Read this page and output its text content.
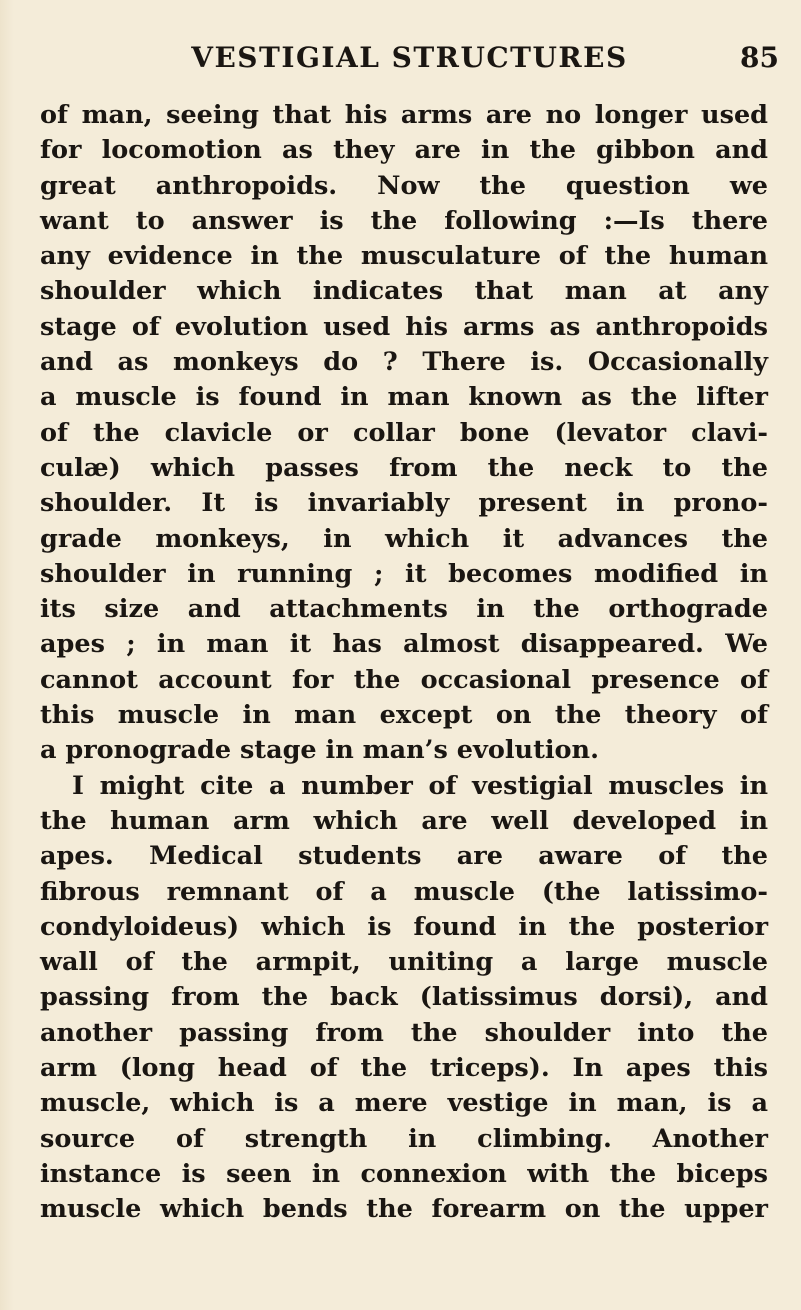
VESTIGIAL STRUCTURES	85
of man, seeing that his arms are no longer used
for locomotion as they are in the gibbon and
great anthropoids. Now the question we
want to answer is the following :—Is there
any evidence in the musculature of the human
shoulder which indicates that man at any
stage of evolution used his arms as anthropoids
and as monkeys do ? There is. Occasionally
a muscle is found in man known as the lifter
of the clavicle or collar bone (levator clavi-
culæ) which passes from the neck to the
shoulder. It is invariably present in prono-
grade monkeys, in which it advances the
shoulder in running ; it becomes modified in
its size and attachments in the orthograde
apes ; in man it has almost disappeared. We
cannot account for the occasional presence of
this muscle in man except on the theory of
a pronograde stage in man’s evolution.
I might cite a number of vestigial muscles in
the human arm which are well developed in
apes. Medical students are aware of the
fibrous remnant of a muscle (the latissimo-
condyloideus) which is found in the posterior
wall of the armpit, uniting a large muscle
passing from the back (latissimus dorsi), and
another passing from the shoulder into the
arm (long head of the triceps). In apes this
muscle, which is a mere vestige in man, is a
source of strength in climbing. Another
instance is seen in connexion with the biceps
muscle which bends the forearm on the upper
